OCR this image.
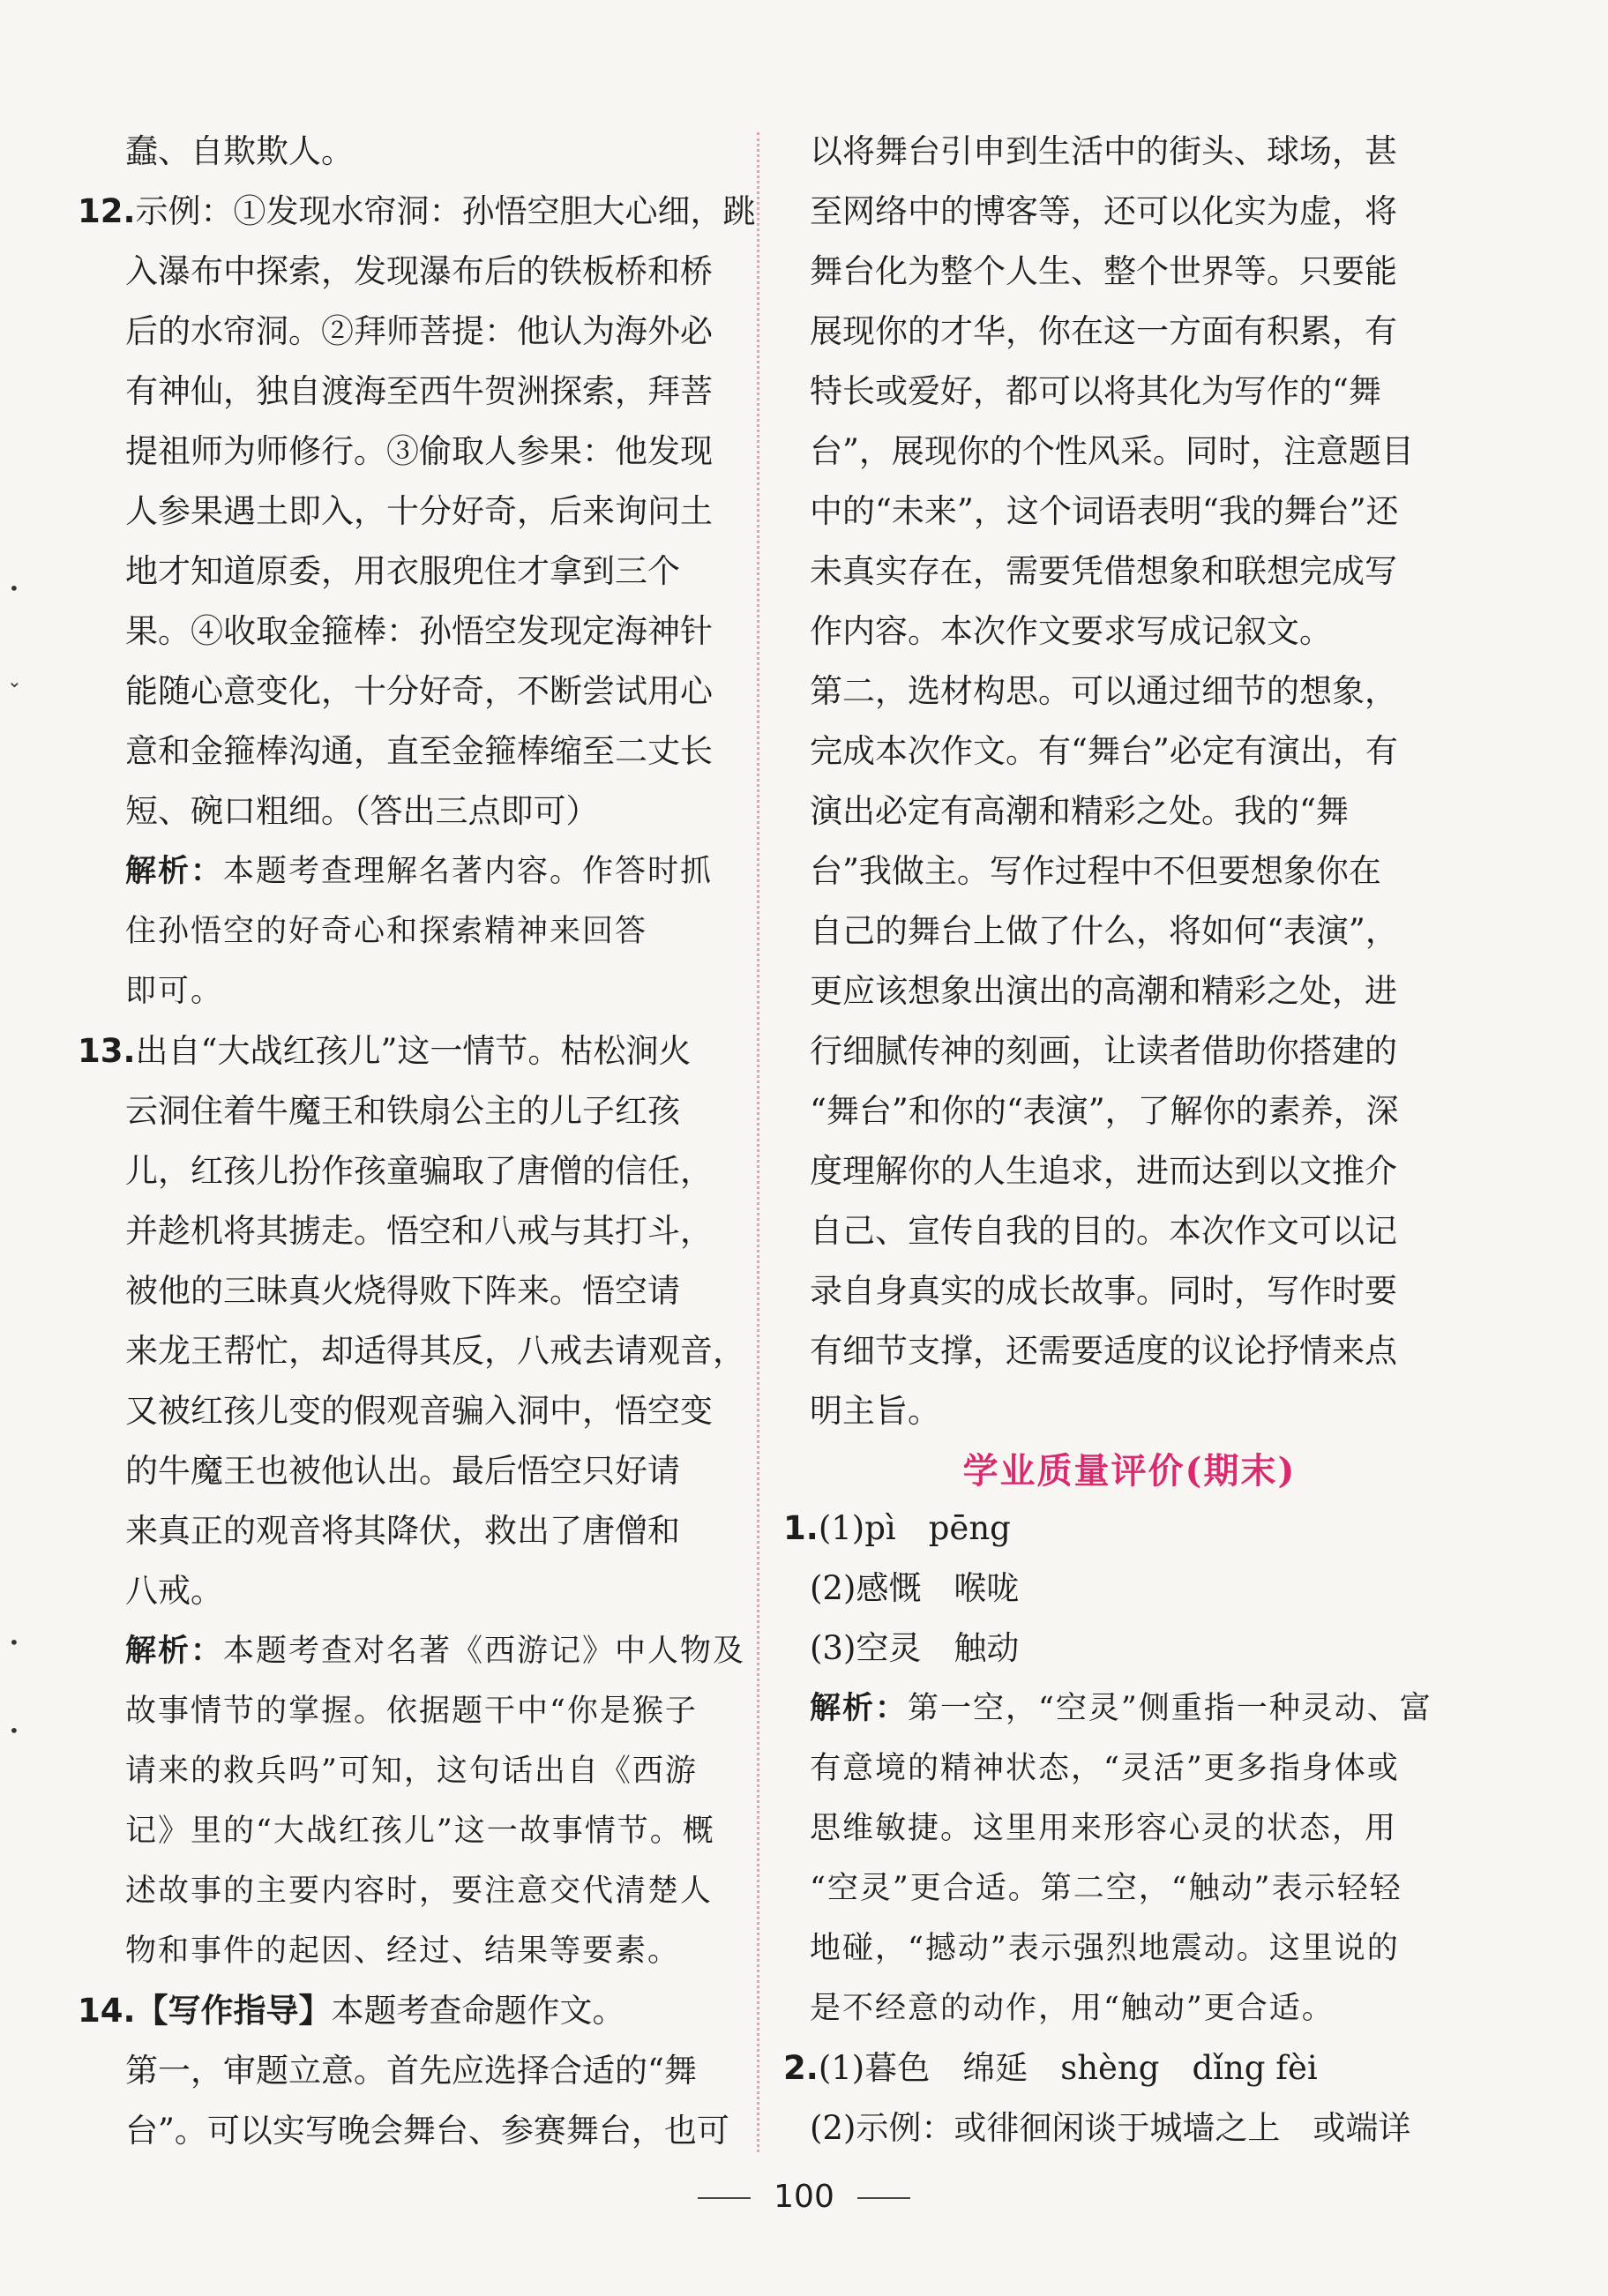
•
⌄
•
•

蠢、自欺欺人。

12.示例：①发现水帘洞：孙悟空胆大心细，跳

入瀑布中探索，发现瀑布后的铁板桥和桥

后的水帘洞。②拜师菩提：他认为海外必

有神仙，独自渡海至西牛贺洲探索，拜菩

提祖师为师修行。③偷取人参果：他发现

人参果遇土即入，十分好奇，后来询问土

地才知道原委，用衣服兜住才拿到三个

果。④收取金箍棒：孙悟空发现定海神针

能随心意变化，十分好奇，不断尝试用心

意和金箍棒沟通，直至金箍棒缩至二丈长

短、碗口粗细。（答出三点即可）

解析：本题考查理解名著内容。作答时抓

住孙悟空的好奇心和探索精神来回答

即可。

13.出自“大战红孩儿”这一情节。枯松涧火

云洞住着牛魔王和铁扇公主的儿子红孩

儿，红孩儿扮作孩童骗取了唐僧的信任，

并趁机将其掳走。悟空和八戒与其打斗，

被他的三昧真火烧得败下阵来。悟空请

来龙王帮忙，却适得其反，八戒去请观音，

又被红孩儿变的假观音骗入洞中，悟空变

的牛魔王也被他认出。最后悟空只好请

来真正的观音将其降伏，救出了唐僧和

八戒。

解析：本题考查对名著《西游记》中人物及

故事情节的掌握。依据题干中“你是猴子

请来的救兵吗”可知，这句话出自《西游

记》里的“大战红孩儿”这一故事情节。概

述故事的主要内容时，要注意交代清楚人

物和事件的起因、经过、结果等要素。

14.【写作指导】本题考查命题作文。

第一，审题立意。首先应选择合适的“舞

台”。可以实写晚会舞台、参赛舞台，也可

以将舞台引申到生活中的街头、球场，甚

至网络中的博客等，还可以化实为虚，将

舞台化为整个人生、整个世界等。只要能

展现你的才华，你在这一方面有积累，有

特长或爱好，都可以将其化为写作的“舞

台”，展现你的个性风采。同时，注意题目

中的“未来”，这个词语表明“我的舞台”还

未真实存在，需要凭借想象和联想完成写

作内容。本次作文要求写成记叙文。

第二，选材构思。可以通过细节的想象，

完成本次作文。有“舞台”必定有演出，有

演出必定有高潮和精彩之处。我的“舞

台”我做主。写作过程中不但要想象你在

自己的舞台上做了什么，将如何“表演”，

更应该想象出演出的高潮和精彩之处，进

行细腻传神的刻画，让读者借助你搭建的

“舞台”和你的“表演”，了解你的素养，深

度理解你的人生追求，进而达到以文推介

自己、宣传自我的目的。本次作文可以记

录自身真实的成长故事。同时，写作时要

有细节支撑，还需要适度的议论抒情来点

明主旨。

学业质量评价(期末)

1.(1)pì　pēng

(2)感慨　喉咙

(3)空灵　触动

解析：第一空，“空灵”侧重指一种灵动、富

有意境的精神状态，“灵活”更多指身体或

思维敏捷。这里用来形容心灵的状态，用

“空灵”更合适。第二空，“触动”表示轻轻

地碰，“撼动”表示强烈地震动。这里说的

是不经意的动作，用“触动”更合适。

2.(1)暮色　绵延　shèng　dǐng fèi

(2)示例：或徘徊闲谈于城墙之上　或端详

100
